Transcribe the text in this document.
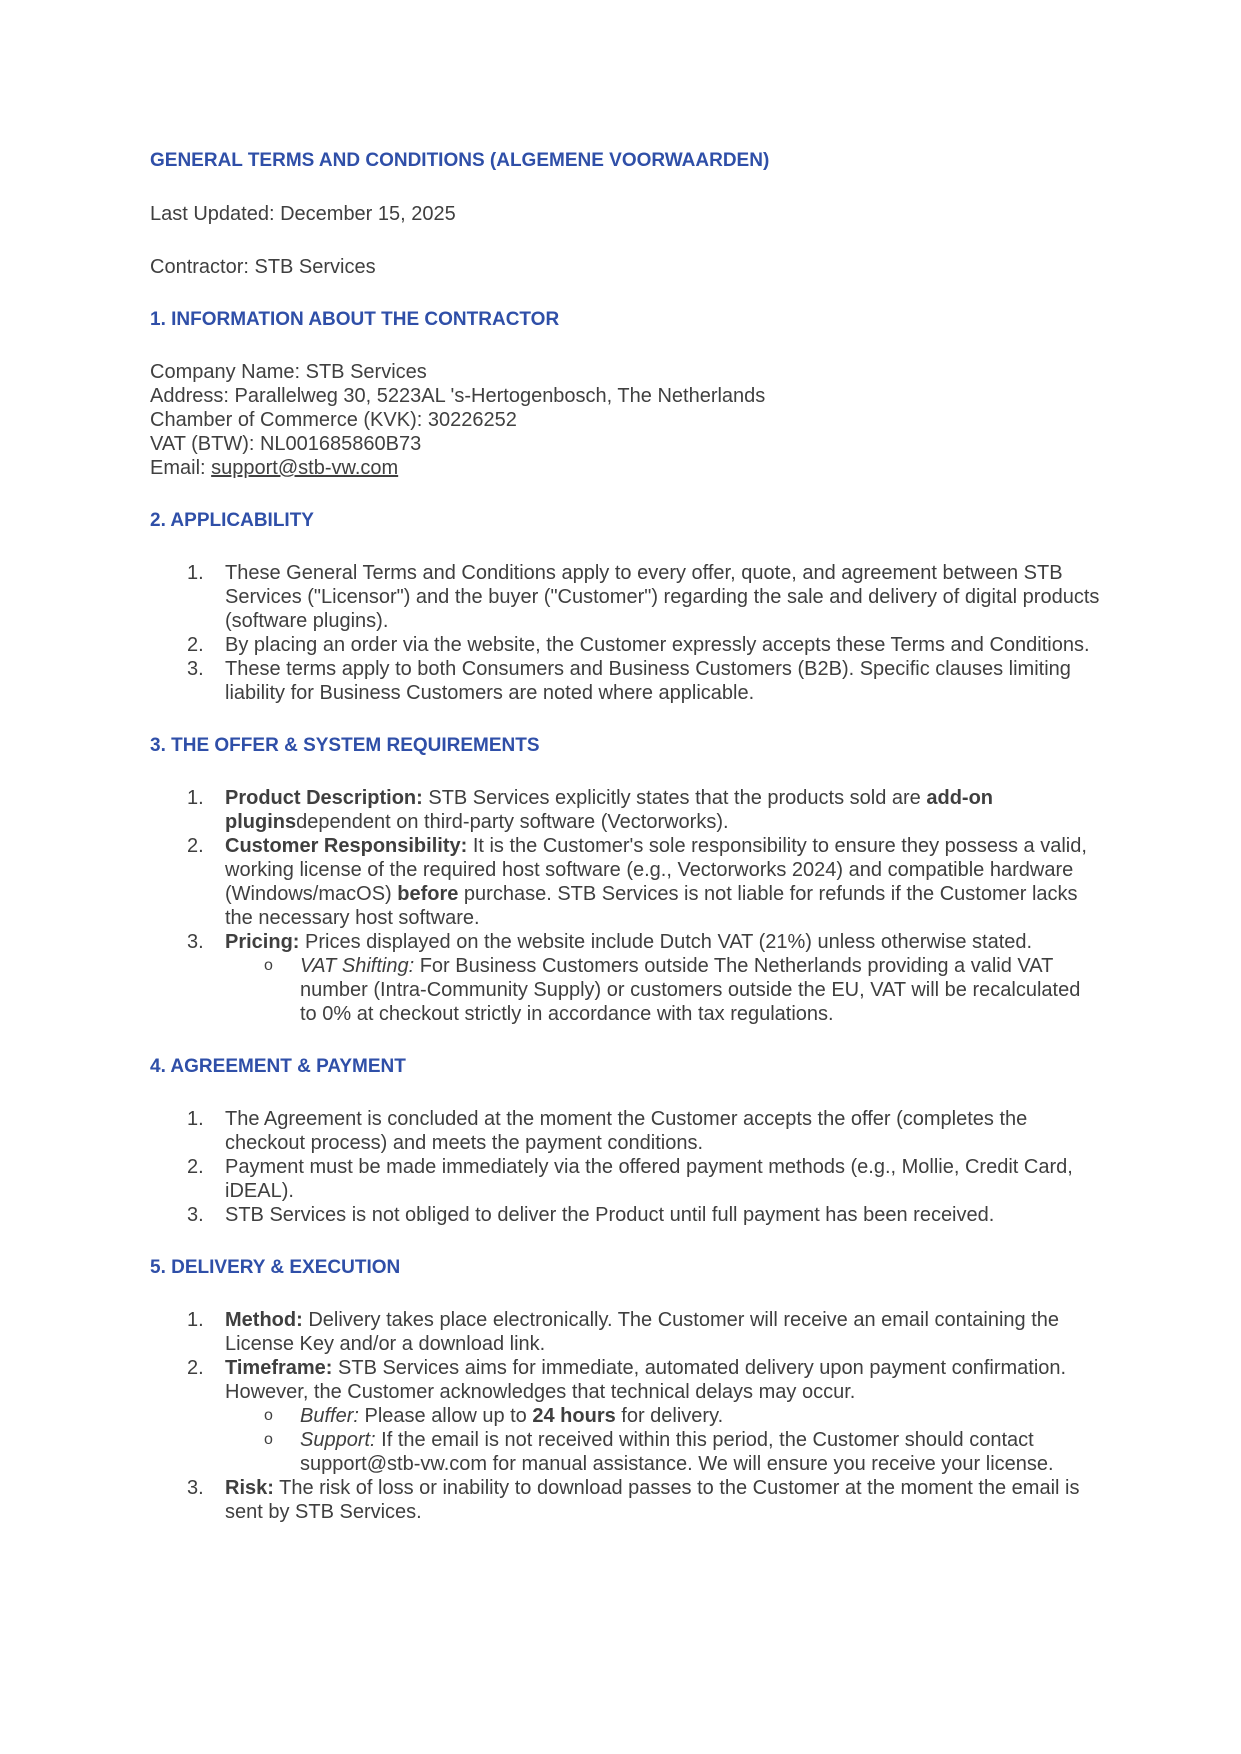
GENERAL TERMS AND CONDITIONS (ALGEMENE VOORWAARDEN)

Last Updated: December 15, 2025

Contractor: STB Services

1. INFORMATION ABOUT THE CONTRACTOR

Company Name: STB Services

Address: Parallelweg 30, 5223AL 's-Hertogenbosch, The Netherlands

Chamber of Commerce (KVK): 30226252

VAT (BTW): NL001685860B73

Email: support@stb-vw.com

2. APPLICABILITY

1. These General Terms and Conditions apply to every offer, quote, and agreement between STB Services ("Licensor") and the buyer ("Customer") regarding the sale and delivery of digital products (software plugins).
2. By placing an order via the website, the Customer expressly accepts these Terms and Conditions.
3. These terms apply to both Consumers and Business Customers (B2B). Specific clauses limiting liability for Business Customers are noted where applicable.

3. THE OFFER & SYSTEM REQUIREMENTS

1. Product Description: STB Services explicitly states that the products sold are add-on pluginsdependent on third-party software (Vectorworks).
2. Customer Responsibility: It is the Customer's sole responsibility to ensure they possess a valid, working license of the required host software (e.g., Vectorworks 2024) and compatible hardware (Windows/macOS) before purchase. STB Services is not liable for refunds if the Customer lacks the necessary host software.
3. Pricing: Prices displayed on the website include Dutch VAT (21%) unless otherwise stated.
o VAT Shifting: For Business Customers outside The Netherlands providing a valid VAT number (Intra-Community Supply) or customers outside the EU, VAT will be recalculated to 0% at checkout strictly in accordance with tax regulations.

4. AGREEMENT & PAYMENT

1. The Agreement is concluded at the moment the Customer accepts the offer (completes the checkout process) and meets the payment conditions.
2. Payment must be made immediately via the offered payment methods (e.g., Mollie, Credit Card, iDEAL).
3. STB Services is not obliged to deliver the Product until full payment has been received.

5. DELIVERY & EXECUTION

1. Method: Delivery takes place electronically. The Customer will receive an email containing the License Key and/or a download link.
2. Timeframe: STB Services aims for immediate, automated delivery upon payment confirmation. However, the Customer acknowledges that technical delays may occur.
o Buffer: Please allow up to 24 hours for delivery.
o Support: If the email is not received within this period, the Customer should contact support@stb-vw.com for manual assistance. We will ensure you receive your license.
3. Risk: The risk of loss or inability to download passes to the Customer at the moment the email is sent by STB Services.
